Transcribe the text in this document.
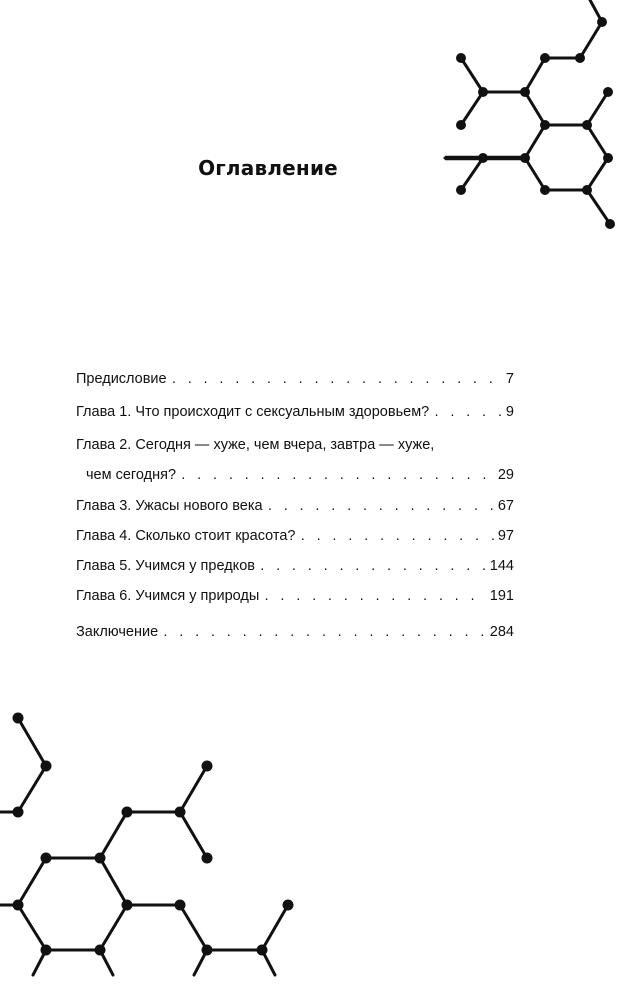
Оглавление
Предисловие . . .	7
Глава 1. Что происходит с сексуальным здоровьем? . . .	9
Глава 2. Сегодня — хуже, чем вчера, завтра — хуже,
чем сегодня? . . .	29
Глава 3. Ужасы нового века . . .	67
Глава 4. Сколько стоит красота? . . .	97
Глава 5. Учимся у предков . . .	144
Глава 6. Учимся у природы . . .	191
Заключение . . .	284
